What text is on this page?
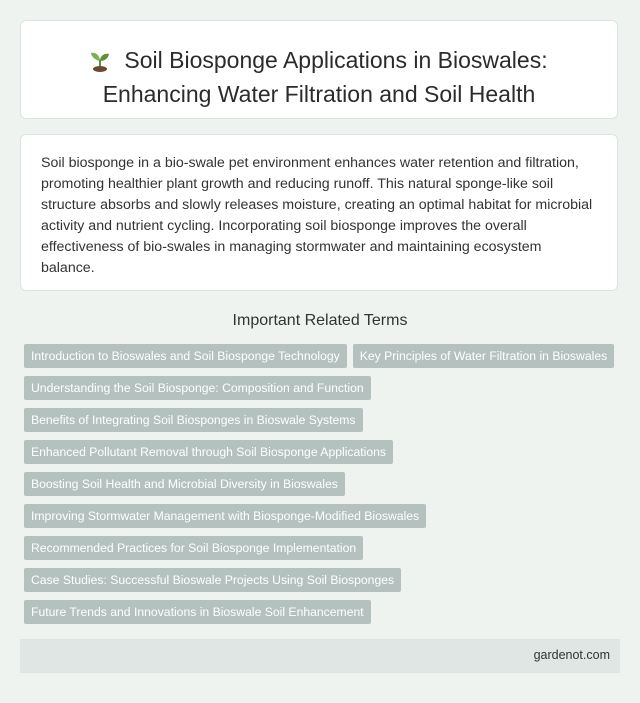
Soil Biosponge Applications in Bioswales: Enhancing Water Filtration and Soil Health

Soil biosponge in a bio-swale pet environment enhances water retention and filtration, promoting healthier plant growth and reducing runoff. This natural sponge-like soil structure absorbs and slowly releases moisture, creating an optimal habitat for microbial activity and nutrient cycling. Incorporating soil biosponge improves the overall effectiveness of bio-swales in managing stormwater and maintaining ecosystem balance.

Important Related Terms
Introduction to Bioswales and Soil Biosponge Technology Key Principles of Water Filtration in Bioswales
Understanding the Soil Biosponge: Composition and Function
Benefits of Integrating Soil Biosponges in Bioswale Systems
Enhanced Pollutant Removal through Soil Biosponge Applications
Boosting Soil Health and Microbial Diversity in Bioswales
Improving Stormwater Management with Biosponge-Modified Bioswales
Recommended Practices for Soil Biosponge Implementation
Case Studies: Successful Bioswale Projects Using Soil Biosponges
Future Trends and Innovations in Bioswale Soil Enhancement
gardenot.com
